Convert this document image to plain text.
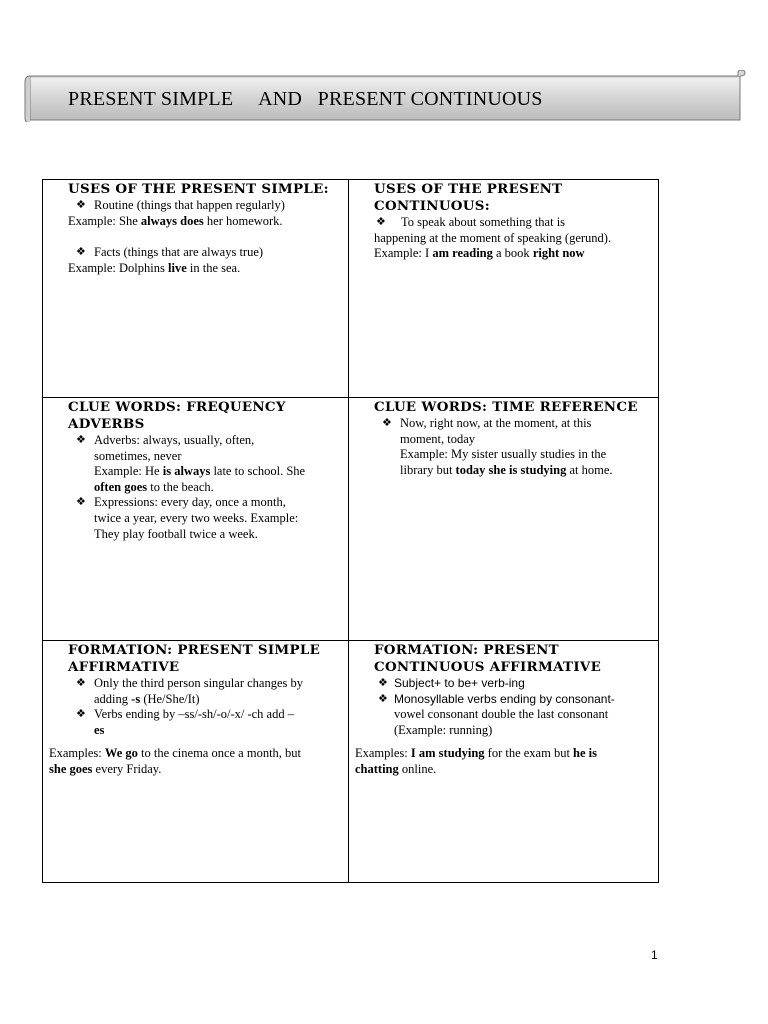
PRESENT SIMPLE     AND   PRESENT CONTINUOUS
USES OF THE PRESENT SIMPLE:
❖ Routine (things that happen regularly)
Example: She always does her homework.
❖ Facts (things that are always true)
Example: Dolphins live in the sea.
USES OF THE PRESENT
CONTINUOUS:
❖ To speak about something that is
happening at the moment of speaking (gerund).
Example: I am reading a book right now
CLUE WORDS: FREQUENCY
ADVERBS
❖ Adverbs: always, usually, often,
sometimes, never
Example: He is always late to school. She
often goes to the beach.
❖ Expressions: every day, once a month,
twice a year, every two weeks. Example:
They play football twice a week.
CLUE WORDS: TIME REFERENCE
❖ Now, right now, at the moment, at this
moment, today
Example: My sister usually studies in the
library but today she is studying at home.
FORMATION: PRESENT SIMPLE
AFFIRMATIVE
❖ Only the third person singular changes by
adding -s (He/She/It)
❖ Verbs ending by –ss/-sh/-o/-x/ -ch add –
es
Examples: We go to the cinema once a month, but
she goes every Friday.
FORMATION: PRESENT
CONTINUOUS AFFIRMATIVE
❖ Subject+ to be+ verb-ing
❖ Monosyllable verbs ending by consonant-
vowel consonant double the last consonant
(Example: running)
Examples: I am studying for the exam but he is
chatting online.
1
